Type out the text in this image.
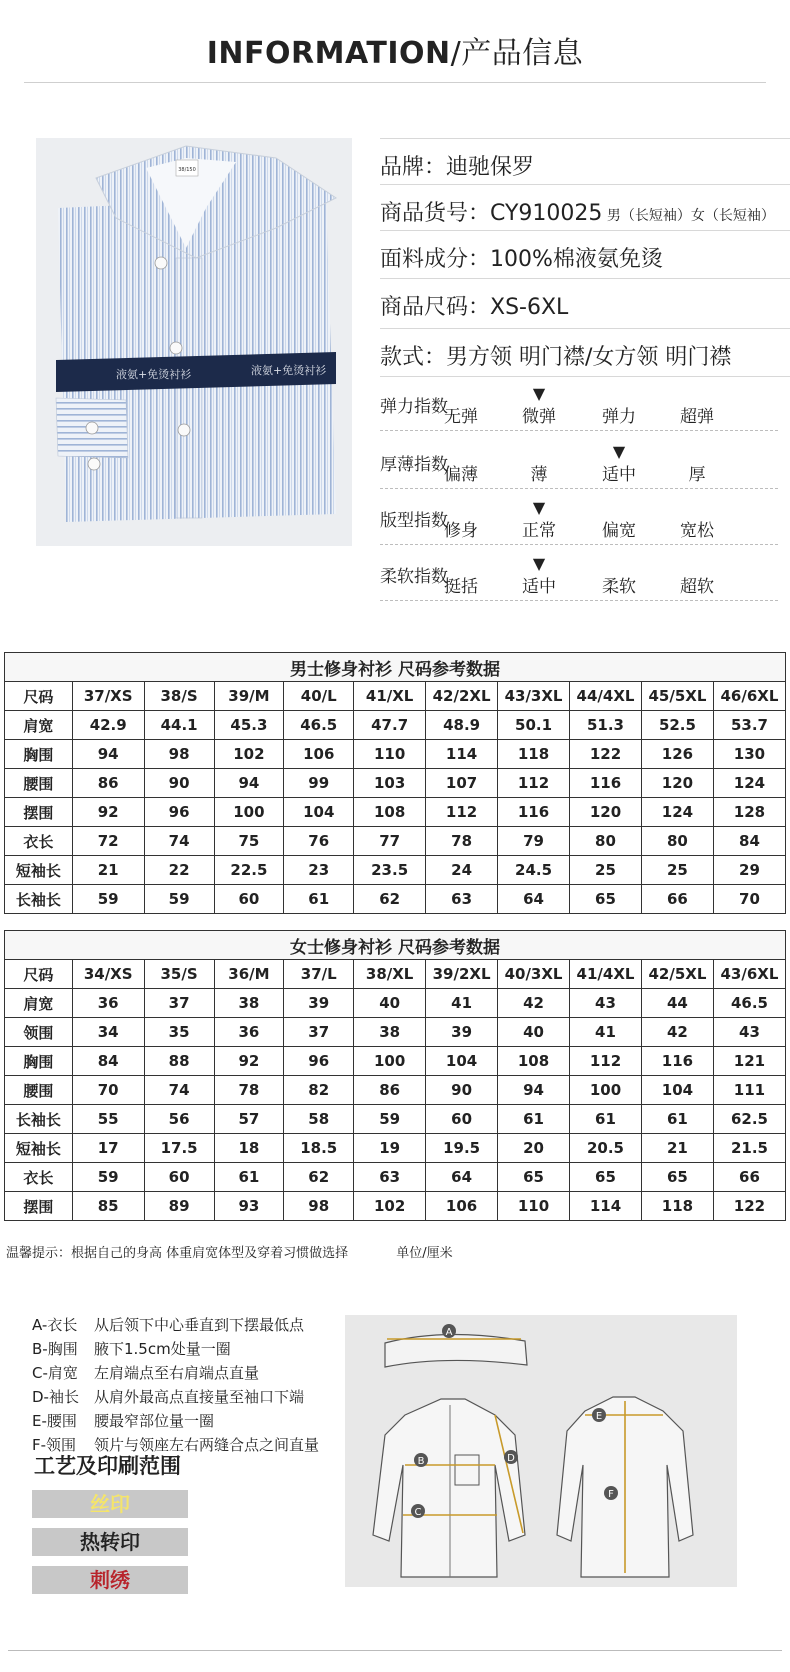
INFORMATION/产品信息
38/150
液氨+免烫衬衫	液氨+免烫衬衫
品牌：迪驰保罗
商品货号：CY910025 男（长短袖）女（长短袖）
面料成分：100%棉液氨免烫
商品尺码：XS-6XL
款式：男方领 明门襟/女方领 明门襟
弹力指数
无弹	微弹	弹力	超弹
▼
厚薄指数
偏薄	薄	适中	厚
▼
版型指数
修身	正常	偏宽	宽松
▼
柔软指数
挺括	适中	柔软	超软
▼
男士修身衬衫 尺码参考数据										
尺码	37/XS	38/S	39/M	40/L	41/XL	42/2XL	43/3XL	44/4XL	45/5XL	46/6XL
肩宽	42.9	44.1	45.3	46.5	47.7	48.9	50.1	51.3	52.5	53.7
胸围	94	98	102	106	110	114	118	122	126	130
腰围	86	90	94	99	103	107	112	116	120	124
摆围	92	96	100	104	108	112	116	120	124	128
衣长	72	74	75	76	77	78	79	80	80	84
短袖长	21	22	22.5	23	23.5	24	24.5	25	25	29
长袖长	59	59	60	61	62	63	64	65	66	70
女士修身衬衫 尺码参考数据										
尺码	34/XS	35/S	36/M	37/L	38/XL	39/2XL	40/3XL	41/4XL	42/5XL	43/6XL
肩宽	36	37	38	39	40	41	42	43	44	46.5
领围	34	35	36	37	38	39	40	41	42	43
胸围	84	88	92	96	100	104	108	112	116	121
腰围	70	74	78	82	86	90	94	100	104	111
长袖长	55	56	57	58	59	60	61	61	61	62.5
短袖长	17	17.5	18	18.5	19	19.5	20	20.5	21	21.5
衣长	59	60	61	62	63	64	65	65	65	66
摆围	85	89	93	98	102	106	110	114	118	122
温馨提示：根据自己的身高 体重肩宽体型及穿着习惯做选择	单位/厘米
A-衣长 从后领下中心垂直到下摆最低点
B-胸围 腋下1.5cm处量一圈
C-肩宽 左肩端点至右肩端点直量
D-袖长 从肩外最高点直接量至袖口下端
E-腰围 腰最窄部位量一圈
F-领围 领片与领座左右两缝合点之间直量
工艺及印刷范围
丝印
热转印
刺绣
A
B
C
D
E
F
